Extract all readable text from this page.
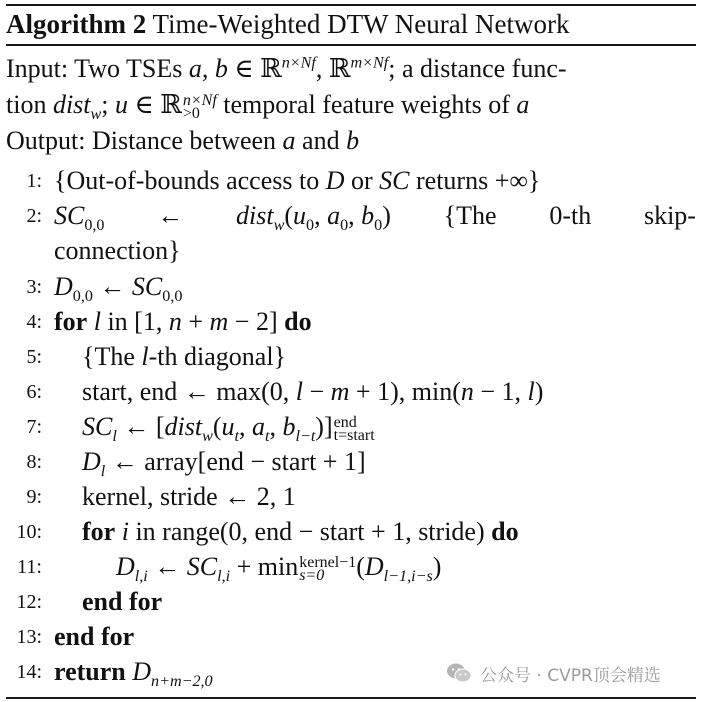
Algorithm 2 Time-Weighted DTW Neural Network
Input: Two TSEs a, b ∈ ℝ$^{n\times Nf}$, ℝ$^{m\times Nf}$; a distance func-
tion dist$_w$; u ∈ ℝ n×Nf
>0 temporal feature weights of a
Output: Distance between a and b
1: {Out-of-bounds access to D or SC returns +∞}
2: $SC_{0,0}$ ← $dist_w(u_0$, $a_0$, $b_0$) {The 0-th skip-
connection}
3: $D_{0,0}$ ← $SC_{0,0}$
4: for l in [1, n + m − 2] do
5: {The l-th diagonal}
6: start, end ← max(0, l − m + 1), min(n − 1, l)
7: $SC_l$ ← [$dist_w(u_t$, $a_t$, $b_{l-t}$)] end
t=start
8: $D_l$ ← array[end − start + 1]
9: kernel, stride ← 2, 1
10: for i in range(0, end − start + 1, stride) do
11:	$D_{l,i}$ ← $SC_{l,i} + \min$ kernel−1
s=0	$(D_{l-1,i-s})$
12: end for
13: end for
14: return $D_{n+m-2,0}$	公众号 · CVPR顶会精选
